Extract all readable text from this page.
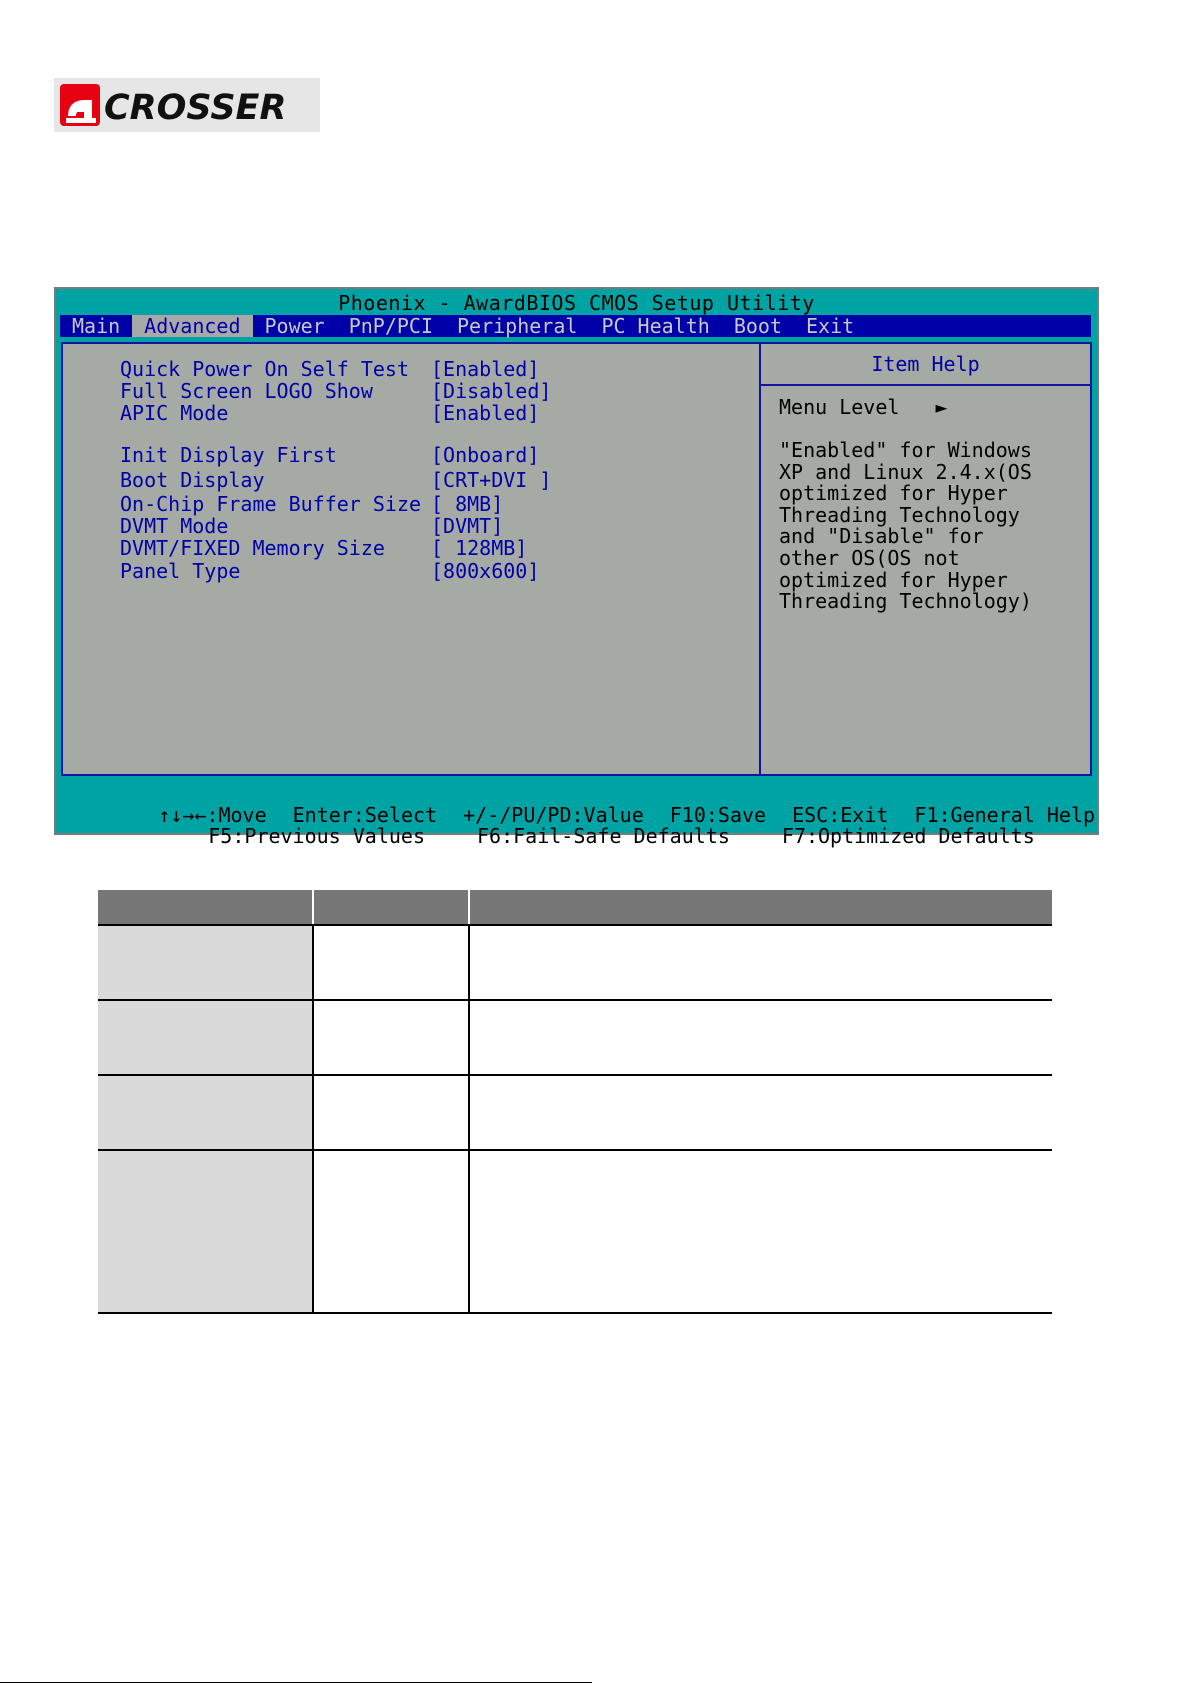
CROSSER
Phoenix - AwardBIOS CMOS Setup Utility
Main	Advanced	Power	PnP/PCI	Peripheral	PC Health	Boot	Exit
Quick Power On Self Test [Enabled]
Full Screen LOGO Show	[Disabled]
APIC Mode	[Enabled]
Init Display First	[Onboard]
Boot Display	[CRT+DVI ]
On-Chip Frame Buffer Size [ 8MB]
DVMT Mode	[DVMT]
DVMT/FIXED Memory Size [ 128MB]
Panel Type	[800x600]
Item Help
Menu Level ►
"Enabled" for Windows
XP and Linux 2.4.x(OS
optimized for Hyper
Threading Technology
and "Disable" for
other OS(OS not
optimized for Hyper
Threading Technology)

↑↓→←:Move Enter:Select +/-/PU/PD:Value F10:Save ESC:Exit F1:General Help

F5:Previous Values	F6:Fail-Safe Defaults	F7:Optimized Defaults
